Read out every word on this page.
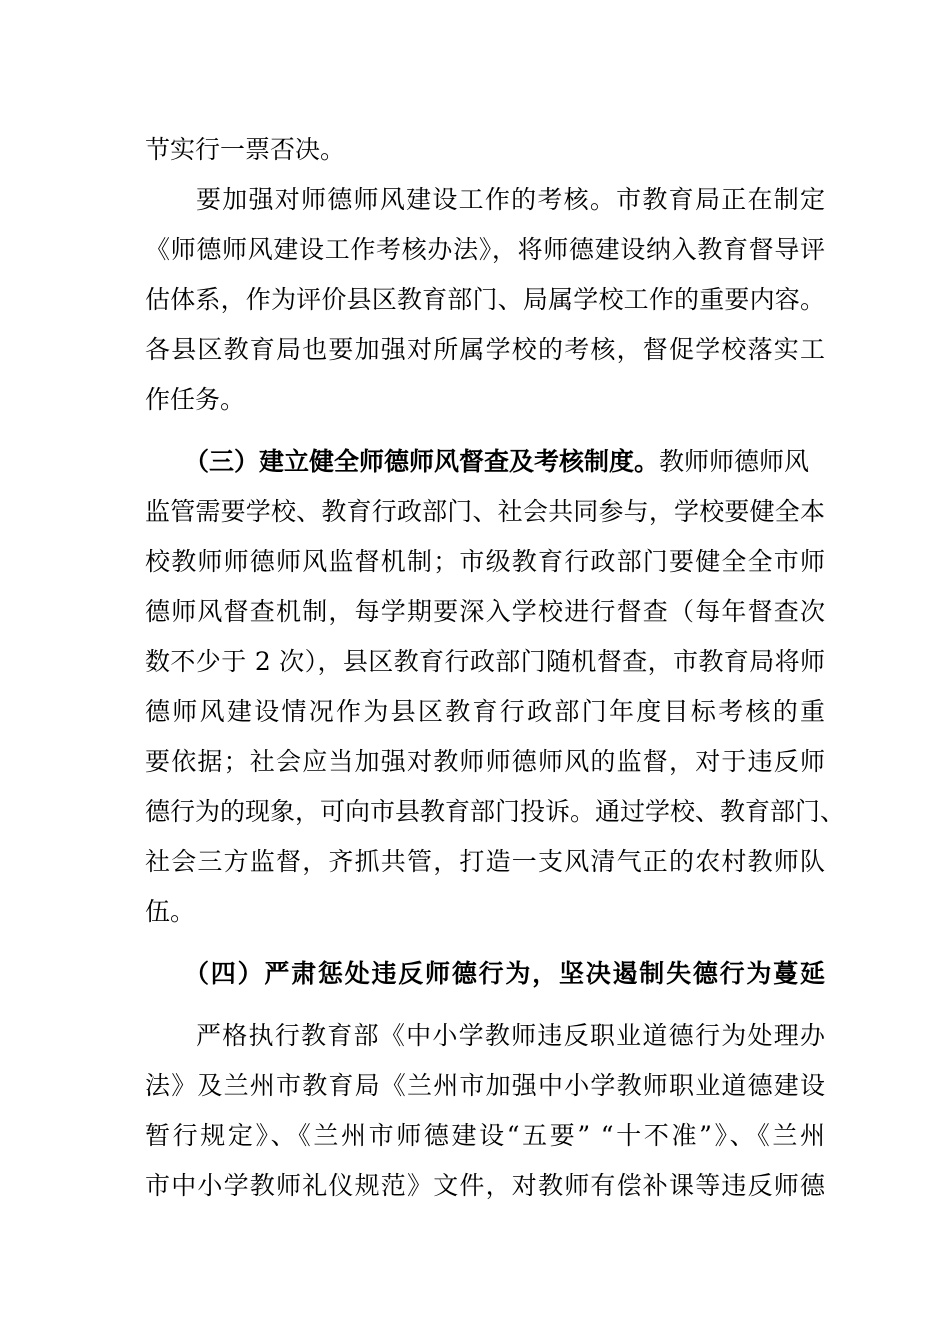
节实行一票否决。
要加强对师德师风建设工作的考核。市教育局正在制定
《师德师风建设工作考核办法》，将师德建设纳入教育督导评
估体系，作为评价县区教育部门、局属学校工作的重要内容。
各县区教育局也要加强对所属学校的考核，督促学校落实工
作任务。
（三）建立健全师德师风督查及考核制度。教师师德师风
监管需要学校、教育行政部门、社会共同参与，学校要健全本
校教师师德师风监督机制；市级教育行政部门要健全全市师
德师风督查机制，每学期要深入学校进行督查（每年督查次
数不少于 2 次），县区教育行政部门随机督查，市教育局将师
德师风建设情况作为县区教育行政部门年度目标考核的重
要依据；社会应当加强对教师师德师风的监督，对于违反师
德行为的现象，可向市县教育部门投诉。通过学校、教育部门、
社会三方监督，齐抓共管，打造一支风清气正的农村教师队
伍。
（四）严肃惩处违反师德行为，坚决遏制失德行为蔓延
严格执行教育部《中小学教师违反职业道德行为处理办
法》及兰州市教育局《兰州市加强中小学教师职业道德建设
暂行规定》、《兰州市师德建设“五要” “十不准”》、《兰州
市中小学教师礼仪规范》文件，对教师有偿补课等违反师德
